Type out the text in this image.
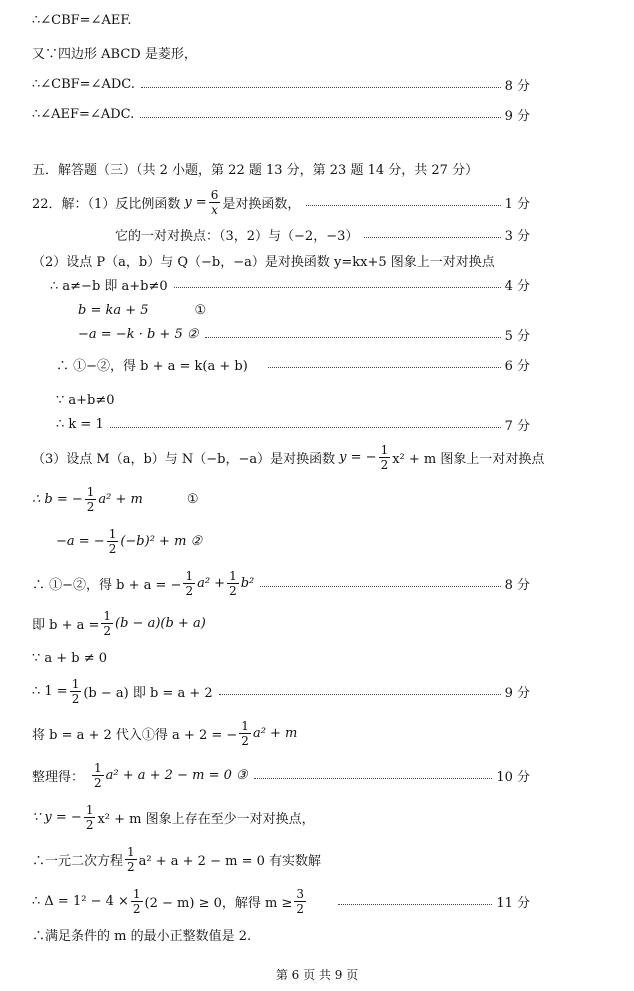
∴∠CBF=∠AEF.
又∵四边形 ABCD 是菱形，
∴∠CBF=∠ADC.	8 分
∴∠AEF=∠ADC.	9 分
五．解答题（三）（共 2 小题，第 22 题 13 分，第 23 题 14 分，共 27 分）
22．解：（1）反比例函数 $y = \frac{6}{x}$ 是对换函数，	1 分
它的一对对换点：（3，2）与（−2，−3）	3 分
（2）设点 P（a，b）与 Q（−b，−a）是对换函数 y=kx+5 图象上一对对换点
∴ a≠−b 即 a+b≠0	4 分
b = ka + 5	①
−a = −k · b + 5 ②	5 分
∴ ①−②，得 b + a = k(a + b)	6 分
∵ a+b≠0
∴ k = 1	7 分
（3）设点 M（a，b）与 N（−b，−a）是对换函数 y = − $\frac{1}{2} x^2 + m$ 图象上一对对换点
∴ b = − $\frac{1}{2} a^2 + m$	①
−a = − $\frac{1}{2} (-b)^2 + m$ ②
∴ ①−②，得 b + a = − $\frac{1}{2} a^2 + \frac{1}{2} b^2$	8 分
即 $b + a = \frac{1}{2} (b - a)(b + a)$
∵ a + b ≠ 0
∴ $1 = \frac{1}{2} (b - a)$ 即 b = a + 2	9 分
将 b = a + 2 代入①得 a + 2 = − $\frac{1}{2} a^2 + m$
整理得： $\frac{1}{2} a^2 + a + 2 - m = 0$ ③	10 分
∵ y = − $\frac{1}{2} x^2 + m$ 图象上存在至少一对对换点，
∴一元二次方程 $\frac{1}{2} a^2 + a + 2 - m = 0$ 有实数解
∴ $\Delta = 1^2 - 4 \times \frac{1}{2} (2 - m) \ge 0$，解得 $m \ge \frac{3}{2}$	11 分
∴满足条件的 m 的最小正整数值是 2.
第 6 页 共 9 页
